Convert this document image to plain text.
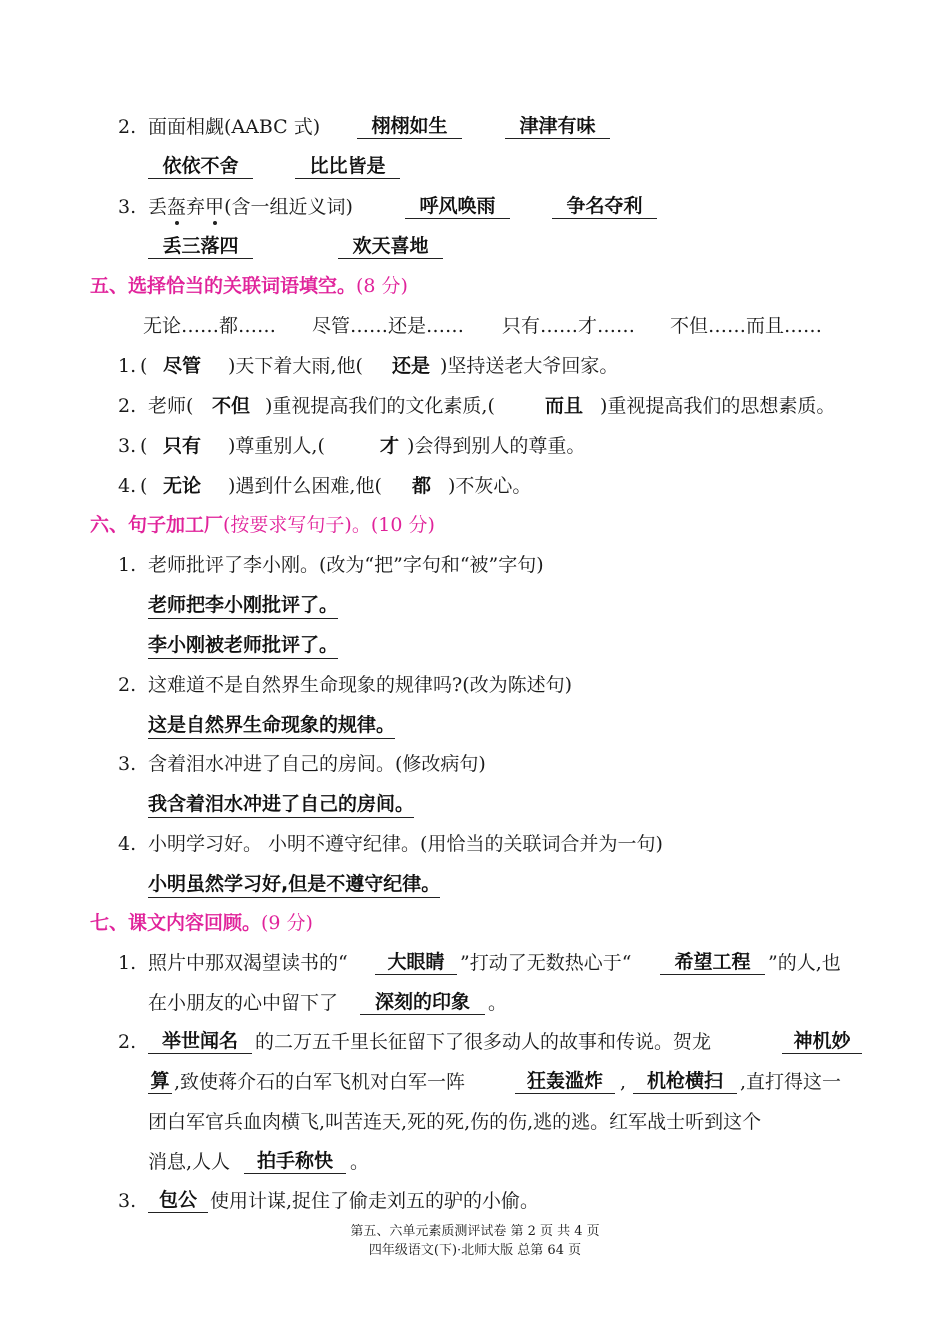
2. 面面相觑(AABC 式)	栩栩如生	津津有味
依依不舍	比比皆是
3. 丢盔弃甲(含一组近义词)	呼风唤雨	争名夺利
丢三落四	欢天喜地
五、选择恰当的关联词语填空。(8 分)
无论……都…… 尽管……还是…… 只有……才…… 不但……而且……
1. ( 尽管 )天下着大雨,他( 还是 )坚持送老大爷回家。
2. 老师( 不但 )重视提高我们的文化素质,(	而且 )重视提高我们的思想素质。
3. ( 只有 )尊重别人,(	才 )会得到别人的尊重。
4. ( 无论 )遇到什么困难,他( 都 )不灰心。
六、句子加工厂(按要求写句子)。(10 分)
1. 老师批评了李小刚。(改为“把”字句和“被”字句)
老师把李小刚批评了。
李小刚被老师批评了。
2. 这难道不是自然界生命现象的规律吗?(改为陈述句)
这是自然界生命现象的规律。
3. 含着泪水冲进了自己的房间。(修改病句)
我含着泪水冲进了自己的房间。
4. 小明学习好。 小明不遵守纪律。(用恰当的关联词合并为一句)
小明虽然学习好,但是不遵守纪律。
七、课文内容回顾。(9 分)
1. 照片中那双渴望读书的“	大眼睛 ”打动了无数热心于“	希望工程 ”的人,也
在小朋友的心中留下了	深刻的印象 。
2.	举世闻名 的二万五千里长征留下了很多动人的故事和传说。贺龙	神机妙
算 ,致使蒋介石的白军飞机对白军一阵	狂轰滥炸 ,	机枪横扫 ,直打得这一
团白军官兵血肉横飞,叫苦连天,死的死,伤的伤,逃的逃。红军战士听到这个
消息,人人	拍手称快 。
3.	包公 使用计谋,捉住了偷走刘五的驴的小偷。
第五、六单元素质测评试卷 第 2 页 共 4 页
四年级语文(下)·北师大版 总第 64 页
